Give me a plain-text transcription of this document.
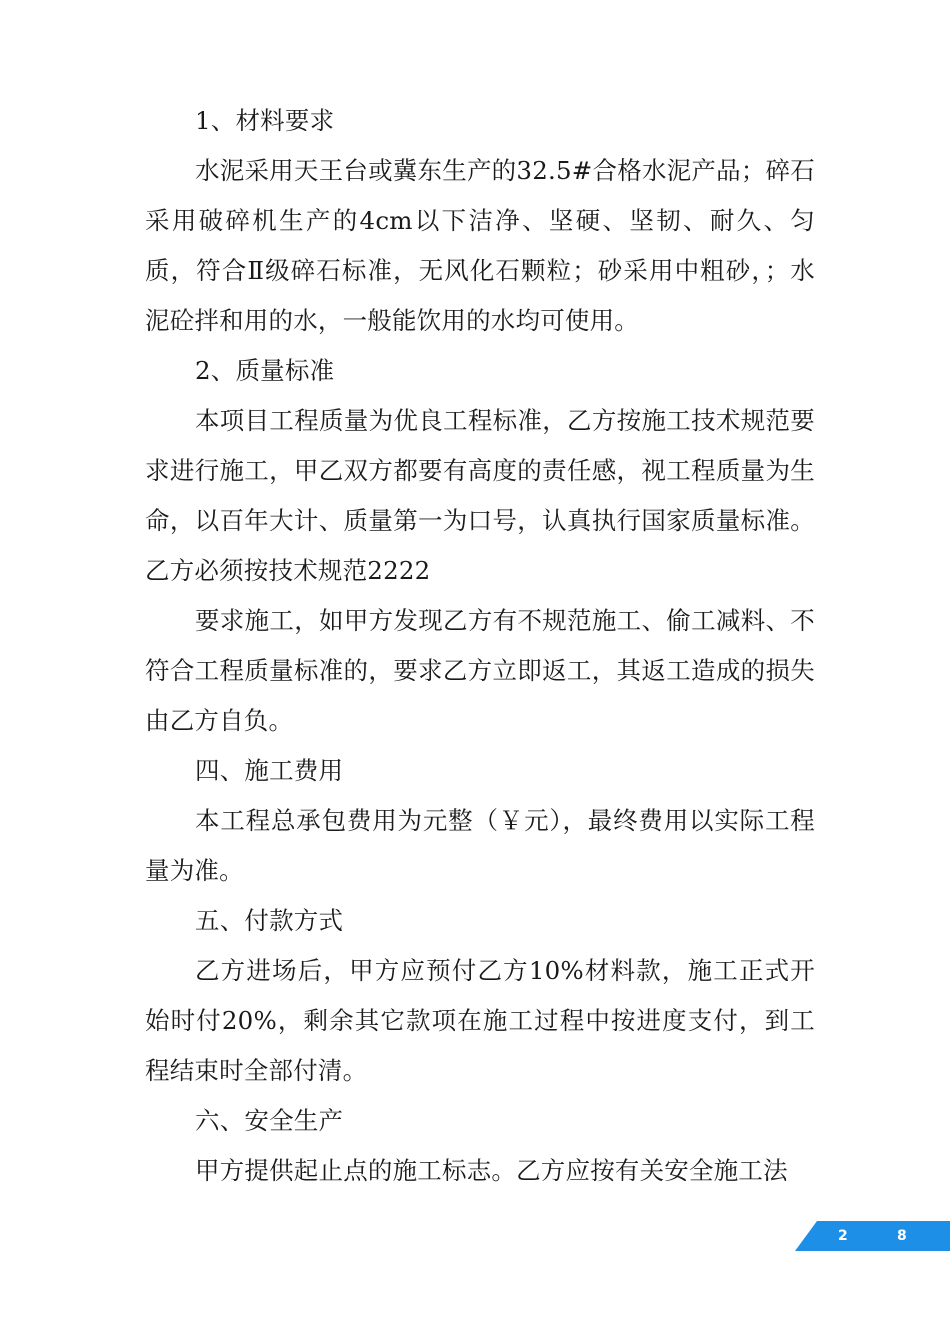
1、材料要求

水泥采用天王台或冀东生产的32.5#合格水泥产品；碎石采用破碎机生产的4cm以下洁净、坚硬、坚韧、耐久、匀质，符合Ⅱ级碎石标准，无风化石颗粒；砂采用中粗砂，；水泥砼拌和用的水，一般能饮用的水均可使用。

2、质量标准

本项目工程质量为优良工程标准，乙方按施工技术规范要求进行施工，甲乙双方都要有高度的责任感，视工程质量为生命，以百年大计、质量第一为口号，认真执行国家质量标准。乙方必须按技术规范2222

要求施工，如甲方发现乙方有不规范施工、偷工减料、不符合工程质量标准的，要求乙方立即返工，其返工造成的损失由乙方自负。

四、施工费用

本工程总承包费用为元整（￥元），最终费用以实际工程量为准。

五、付款方式

乙方进场后，甲方应预付乙方10%材料款，施工正式开始时付20%，剩余其它款项在施工过程中按进度支付，到工程结束时全部付清。

六、安全生产

甲方提供起止点的施工标志。乙方应按有关安全施工法

2	8
